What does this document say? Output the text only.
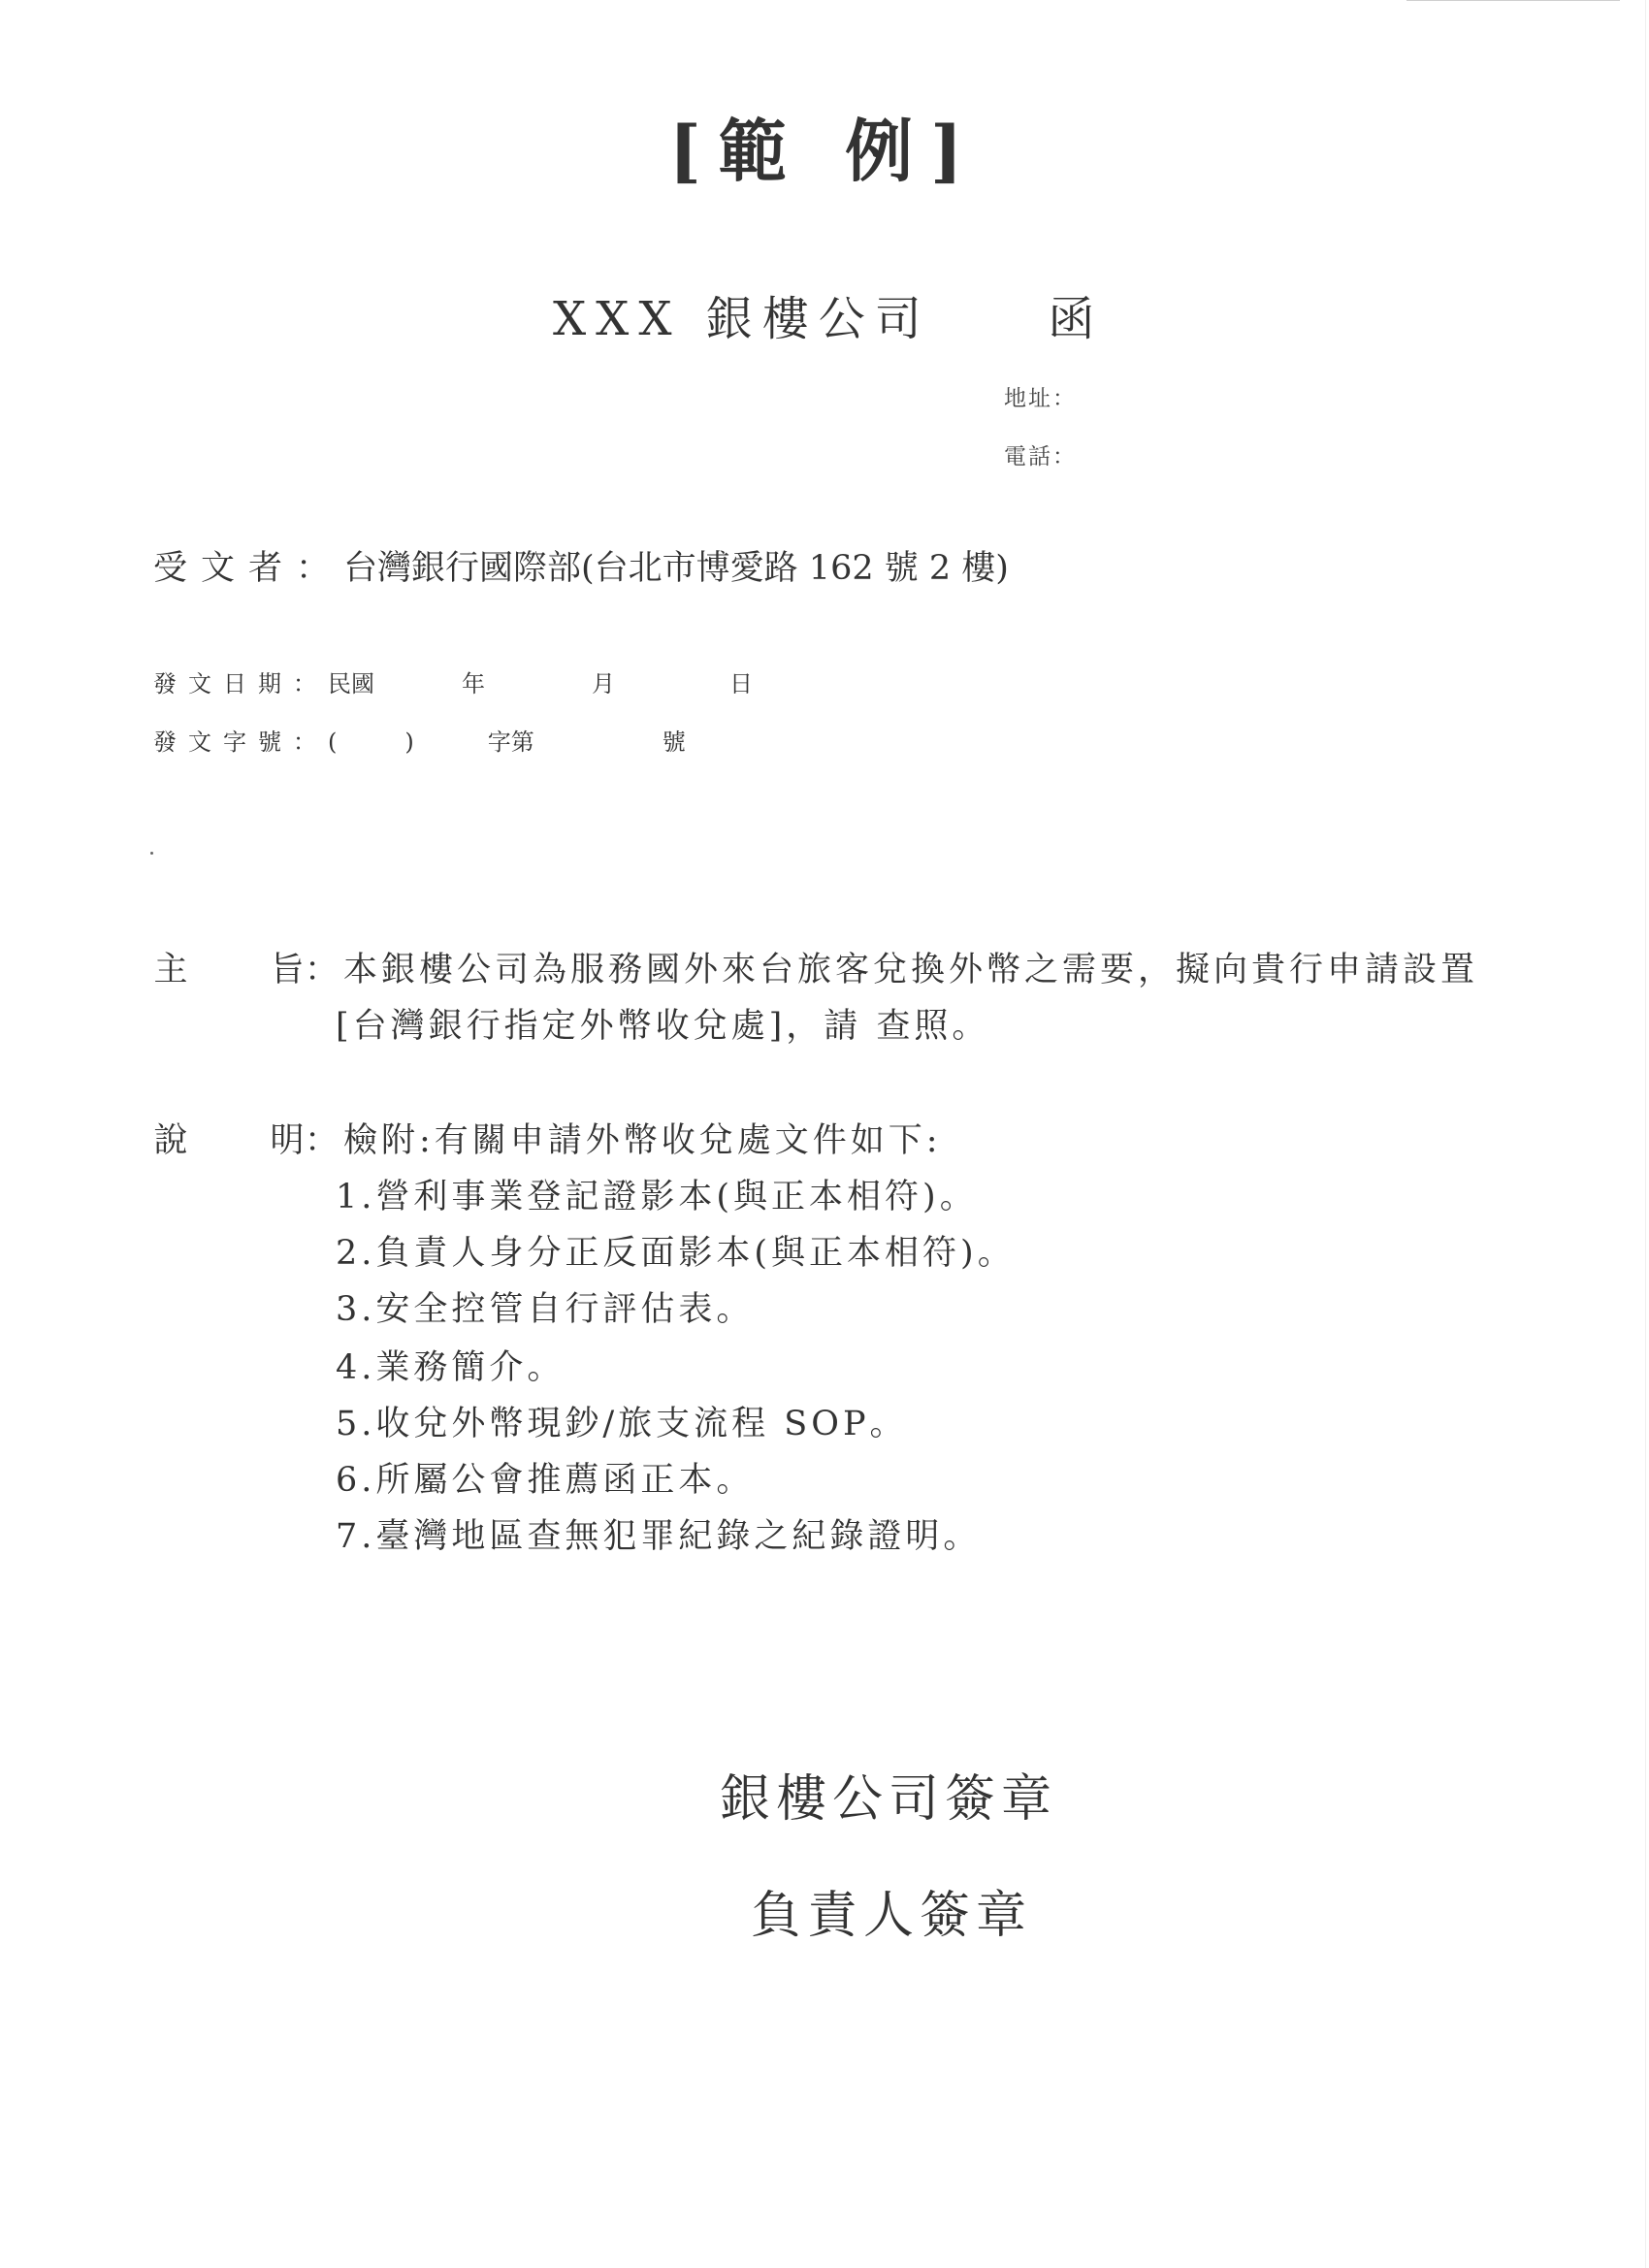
[範 例]
XXX 銀樓公司	函
地址：
電話：
受文者：台灣銀行國際部(台北市博愛路 162 號 2 樓)
發文日期：民國	年	月	日
發文字號：(	)	字第	號
主 旨： 本銀樓公司為服務國外來台旅客兌換外幣之需要，擬向貴行申請設置
[台灣銀行指定外幣收兌處]，請 查照。
說 明： 檢附:有關申請外幣收兌處文件如下:
1.營利事業登記證影本(與正本相符)。
2.負責人身分正反面影本(與正本相符)。
3.安全控管自行評估表。
4.業務簡介。
5.收兌外幣現鈔/旅支流程 SOP。
6.所屬公會推薦函正本。
7.臺灣地區查無犯罪紀錄之紀錄證明。
銀樓公司簽章
負責人簽章
